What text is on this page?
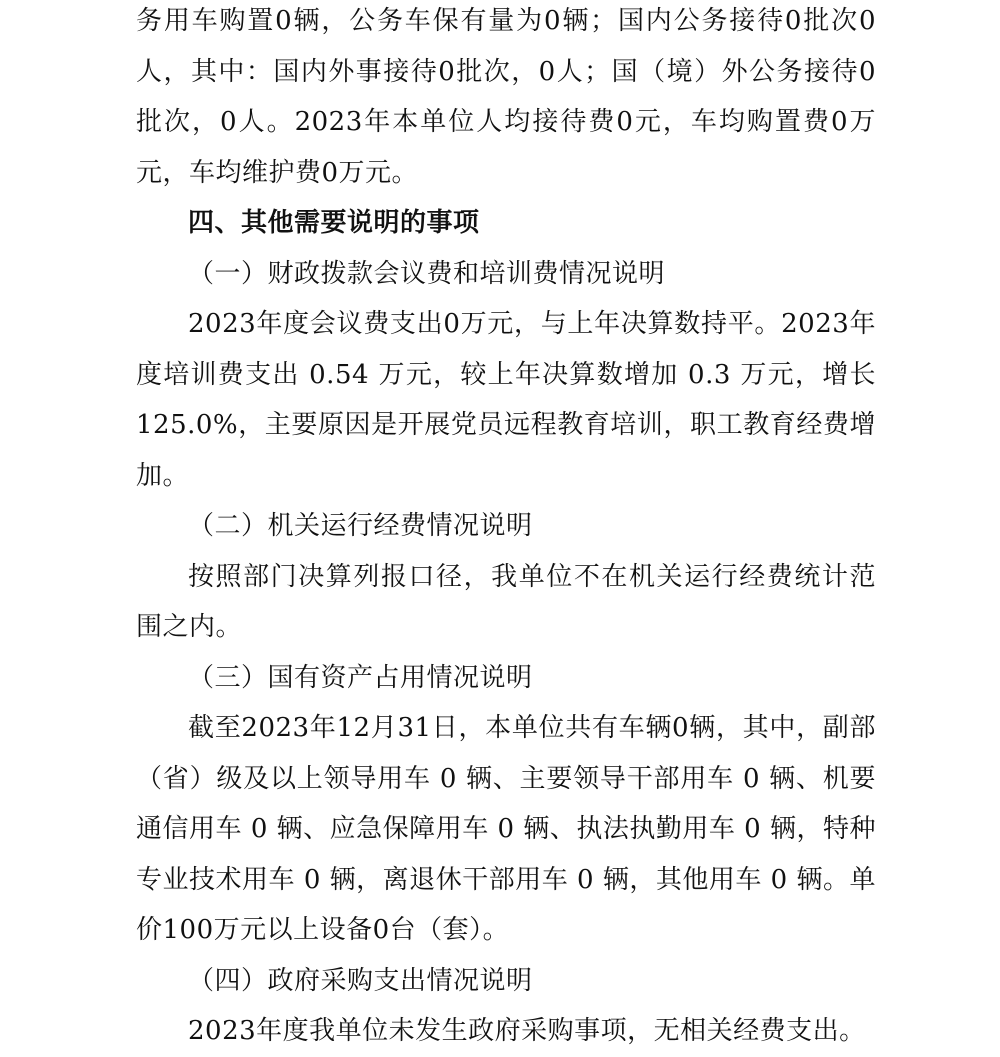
务用车购置0辆，公务车保有量为0辆；国内公务接待0批次0人，其中：国内外事接待0批次，0人；国（境）外公务接待0批次，0人。2023年本单位人均接待费0元，车均购置费0万元，车均维护费0万元。

四、其他需要说明的事项

（一）财政拨款会议费和培训费情况说明

2023年度会议费支出0万元，与上年决算数持平。2023年度培训费支出 0.54 万元，较上年决算数增加 0.3 万元，增长125.0%，主要原因是开展党员远程教育培训，职工教育经费增加。

（二）机关运行经费情况说明

按照部门决算列报口径，我单位不在机关运行经费统计范围之内。

（三）国有资产占用情况说明

截至2023年12月31日，本单位共有车辆0辆，其中，副部（省）级及以上领导用车 0 辆、主要领导干部用车 0 辆、机要通信用车 0 辆、应急保障用车 0 辆、执法执勤用车 0 辆，特种专业技术用车 0 辆，离退休干部用车 0 辆，其他用车 0 辆。单价100万元以上设备0台（套）。

（四）政府采购支出情况说明

2023年度我单位未发生政府采购事项，无相关经费支出。
